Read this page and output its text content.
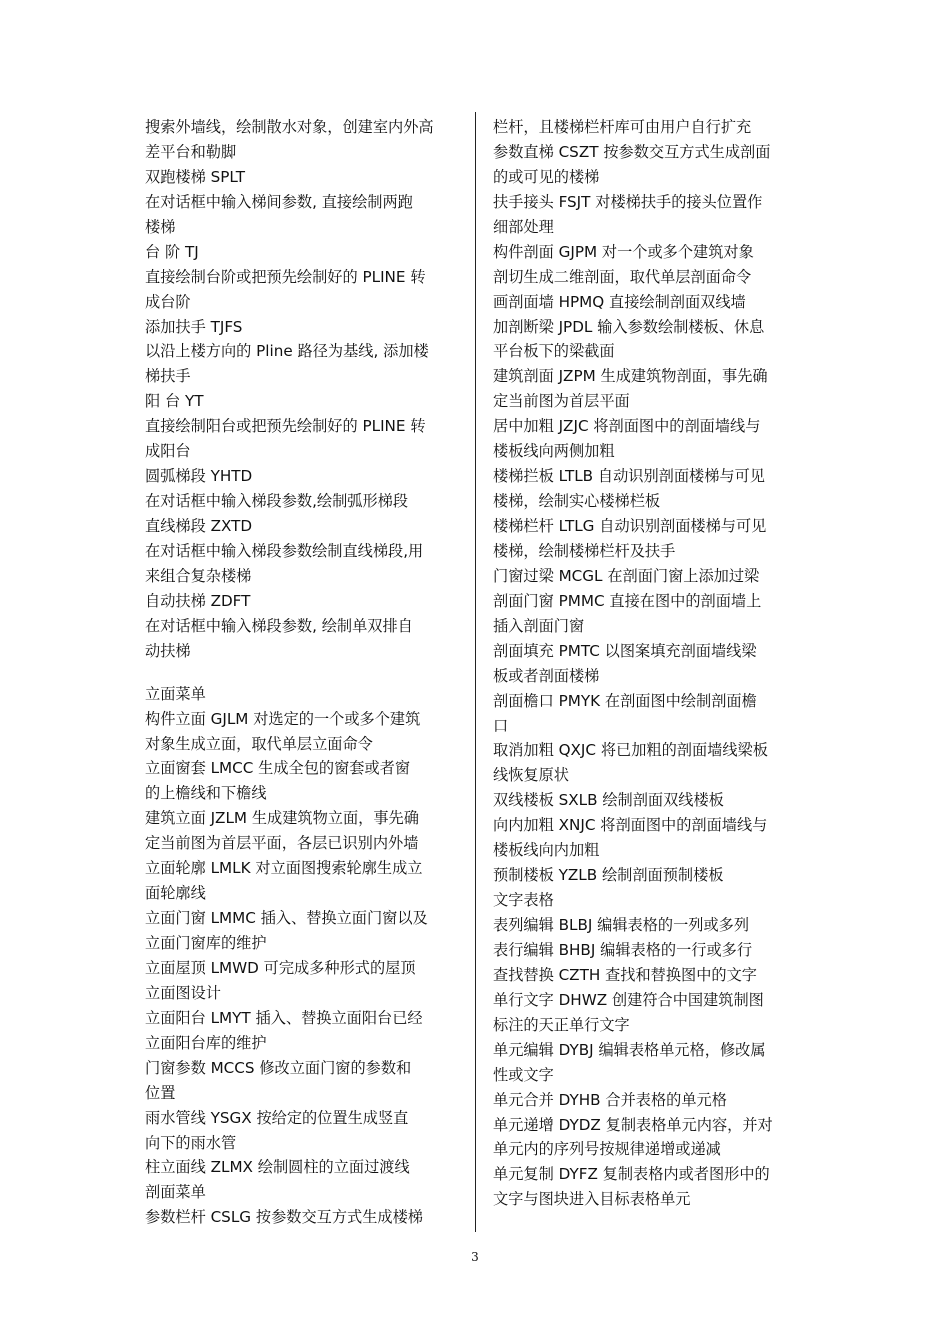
搜索外墙线，绘制散水对象，创建室内外高
差平台和勒脚
双跑楼梯 SPLT
在对话框中输入梯间参数, 直接绘制两跑
楼梯
台 阶 TJ
直接绘制台阶或把预先绘制好的 PLINE 转
成台阶
添加扶手 TJFS
以沿上楼方向的 Pline 路径为基线, 添加楼
梯扶手
阳 台 YT
直接绘制阳台或把预先绘制好的 PLINE 转
成阳台
圆弧梯段 YHTD
在对话框中输入梯段参数,绘制弧形梯段
直线梯段 ZXTD
在对话框中输入梯段参数绘制直线梯段,用
来组合复杂楼梯
自动扶梯 ZDFT
在对话框中输入梯段参数, 绘制单双排自
动扶梯
立面菜单
构件立面 GJLM 对选定的一个或多个建筑
对象生成立面，取代单层立面命令
立面窗套 LMCC 生成全包的窗套或者窗
的上檐线和下檐线
建筑立面 JZLM 生成建筑物立面，事先确
定当前图为首层平面，各层已识别内外墙
立面轮廓 LMLK 对立面图搜索轮廓生成立
面轮廓线
立面门窗 LMMC 插入、替换立面门窗以及
立面门窗库的维护
立面屋顶 LMWD 可完成多种形式的屋顶
立面图设计
立面阳台 LMYT 插入、替换立面阳台已经
立面阳台库的维护
门窗参数 MCCS 修改立面门窗的参数和
位置
雨水管线 YSGX 按给定的位置生成竖直
向下的雨水管
柱立面线 ZLMX 绘制圆柱的立面过渡线
剖面菜单
参数栏杆 CSLG 按参数交互方式生成楼梯
栏杆，且楼梯栏杆库可由用户自行扩充
参数直梯 CSZT 按参数交互方式生成剖面
的或可见的楼梯
扶手接头 FSJT 对楼梯扶手的接头位置作
细部处理
构件剖面 GJPM 对一个或多个建筑对象
剖切生成二维剖面，取代单层剖面命令
画剖面墙 HPMQ 直接绘制剖面双线墙
加剖断梁 JPDL 输入参数绘制楼板、休息
平台板下的梁截面
建筑剖面 JZPM 生成建筑物剖面，事先确
定当前图为首层平面
居中加粗 JZJC 将剖面图中的剖面墙线与
楼板线向两侧加粗
楼梯拦板 LTLB 自动识别剖面楼梯与可见
楼梯，绘制实心楼梯栏板
楼梯栏杆 LTLG 自动识别剖面楼梯与可见
楼梯，绘制楼梯栏杆及扶手
门窗过梁 MCGL 在剖面门窗上添加过梁
剖面门窗 PMMC 直接在图中的剖面墙上
插入剖面门窗
剖面填充 PMTC 以图案填充剖面墙线梁
板或者剖面楼梯
剖面檐口 PMYK 在剖面图中绘制剖面檐
口
取消加粗 QXJC 将已加粗的剖面墙线梁板
线恢复原状
双线楼板 SXLB 绘制剖面双线楼板
向内加粗 XNJC 将剖面图中的剖面墙线与
楼板线向内加粗
预制楼板 YZLB 绘制剖面预制楼板
文字表格
表列编辑 BLBJ 编辑表格的一列或多列
表行编辑 BHBJ 编辑表格的一行或多行
查找替换 CZTH 查找和替换图中的文字
单行文字 DHWZ 创建符合中国建筑制图
标注的天正单行文字
单元编辑 DYBJ 编辑表格单元格，修改属
性或文字
单元合并 DYHB 合并表格的单元格
单元递增 DYDZ 复制表格单元内容，并对
单元内的序列号按规律递增或递减
单元复制 DYFZ 复制表格内或者图形中的
文字与图块进入目标表格单元
3
